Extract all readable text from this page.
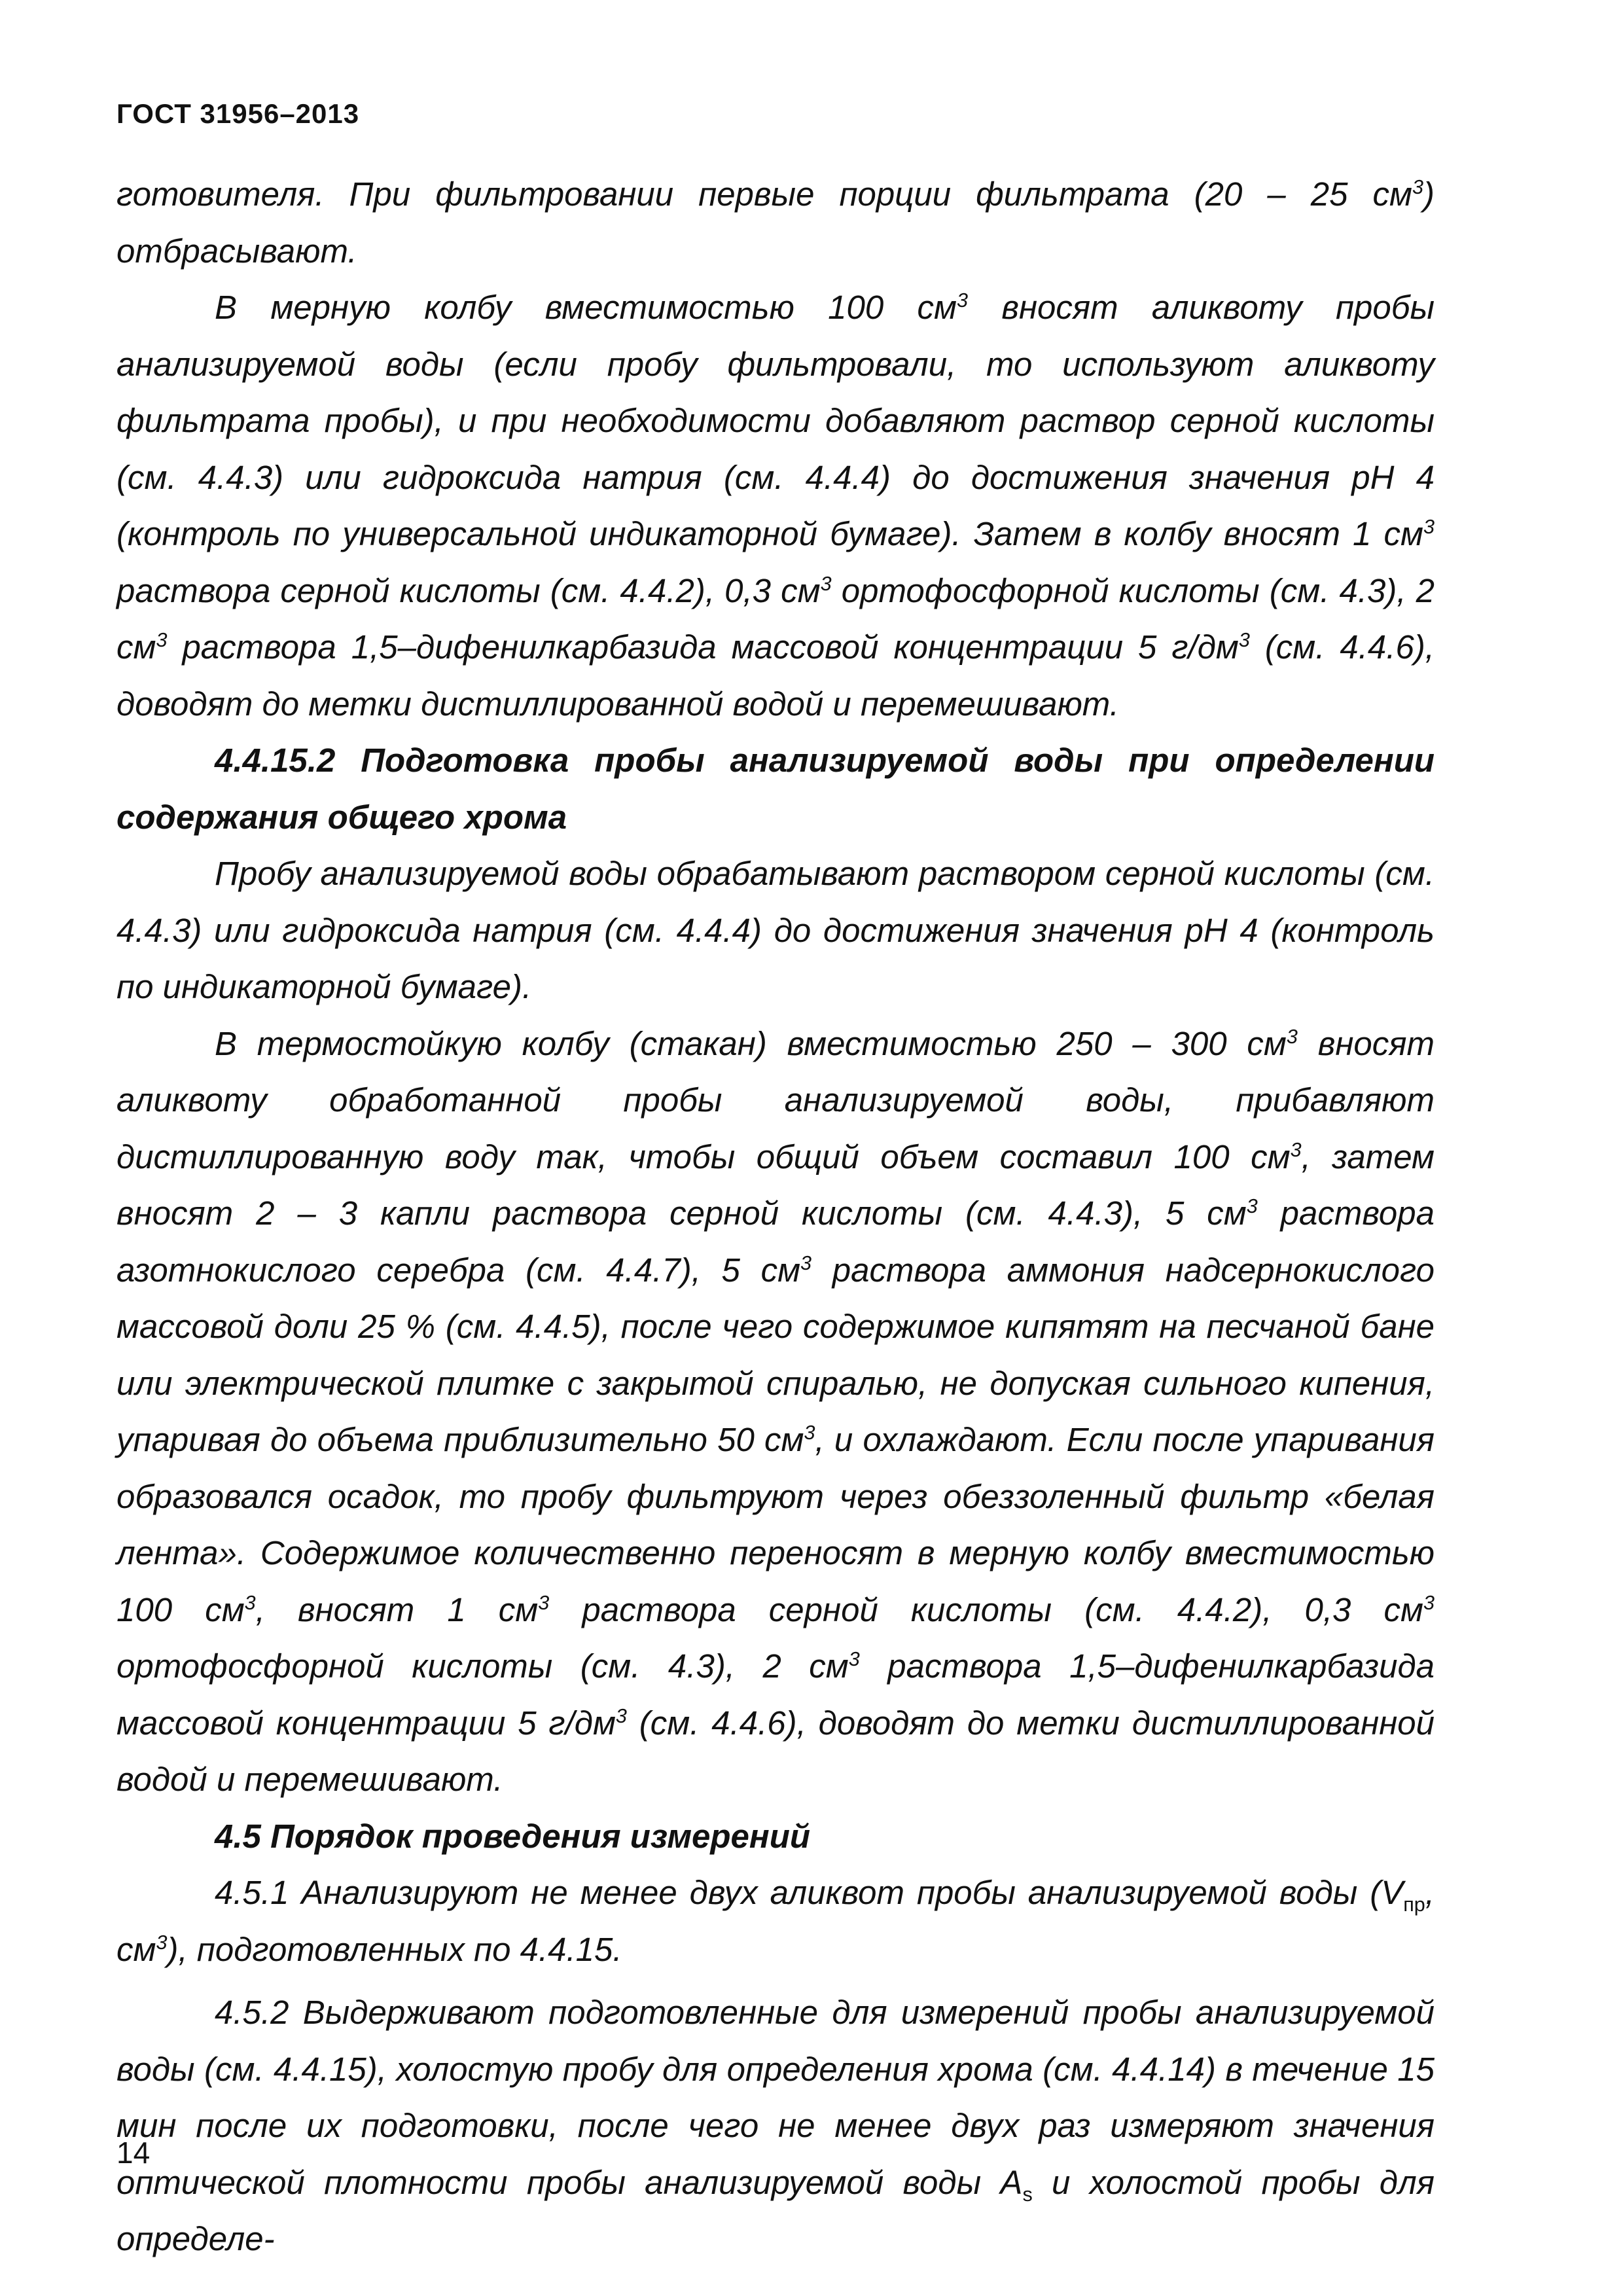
ГОСТ 31956–2013

готовителя. При фильтровании первые порции фильтрата (20 – 25 $см^3$) отбрасывают.

В мерную колбу вместимостью 100 $см^3$ вносят аликвоту пробы анализируемой воды (если пробу фильтровали, то используют аликвоту фильтрата пробы), и при необходимости добавляют раствор серной кислоты (см. 4.4.3) или гидроксида натрия (см. 4.4.4) до достижения значения рН 4 (контроль по универсальной индикаторной бумаге). Затем в колбу вносят 1 $см^3$ раствора серной кислоты (см. 4.4.2), 0,3 $см^3$ ортофосфорной кислоты (см. 4.3), 2 $см^3$ раствора 1,5–дифенилкарбазида массовой концентрации 5 $г/дм^3$ (см. 4.4.6), доводят до метки дистиллированной водой и перемешивают.

4.4.15.2 Подготовка пробы анализируемой воды при определении содержания общего хрома

Пробу анализируемой воды обрабатывают раствором серной кислоты (см. 4.4.3) или гидроксида натрия (см. 4.4.4) до достижения значения рН 4 (контроль по индикаторной бумаге).

В термостойкую колбу (стакан) вместимостью 250 – 300 $см^3$ вносят аликвоту обработанной пробы анализируемой воды, прибавляют дистиллированную воду так, чтобы общий объем составил 100 $см^3$, затем вносят 2 – 3 капли раствора серной кислоты (см. 4.4.3), 5 $см^3$ раствора азотнокислого серебра (см. 4.4.7), 5 $см^3$ раствора аммония надсернокислого массовой доли 25 % (см. 4.4.5), после чего содержимое кипятят на песчаной бане или электрической плитке с закрытой спиралью, не допуская сильного кипения, упаривая до объема приблизительно 50 $см^3$, и охлаждают. Если после упаривания образовался осадок, то пробу фильтруют через обеззоленный фильтр «белая лента». Содержимое количественно переносят в мерную колбу вместимостью 100 $см^3$, вносят 1 $см^3$ раствора серной кислоты (см. 4.4.2), 0,3 $см^3$ ортофосфорной кислоты (см. 4.3), 2 $см^3$ раствора 1,5–дифенилкарбазида массовой концентрации 5 $г/дм^3$ (см. 4.4.6), доводят до метки дистиллированной водой и перемешивают.

4.5 Порядок проведения измерений

4.5.1 Анализируют не менее двух аликвот пробы анализируемой воды ($V_{пр}$, $см^3$), подготовленных по 4.4.15.

4.5.2 Выдерживают подготовленные для измерений пробы анализируемой воды (см. 4.4.15), холостую пробу для определения хрома (см. 4.4.14) в течение 15 мин после их подготовки, после чего не менее двух раз измеряют значения оптической плотности пробы анализируемой воды $A_s$ и холостой пробы для определе-

14
